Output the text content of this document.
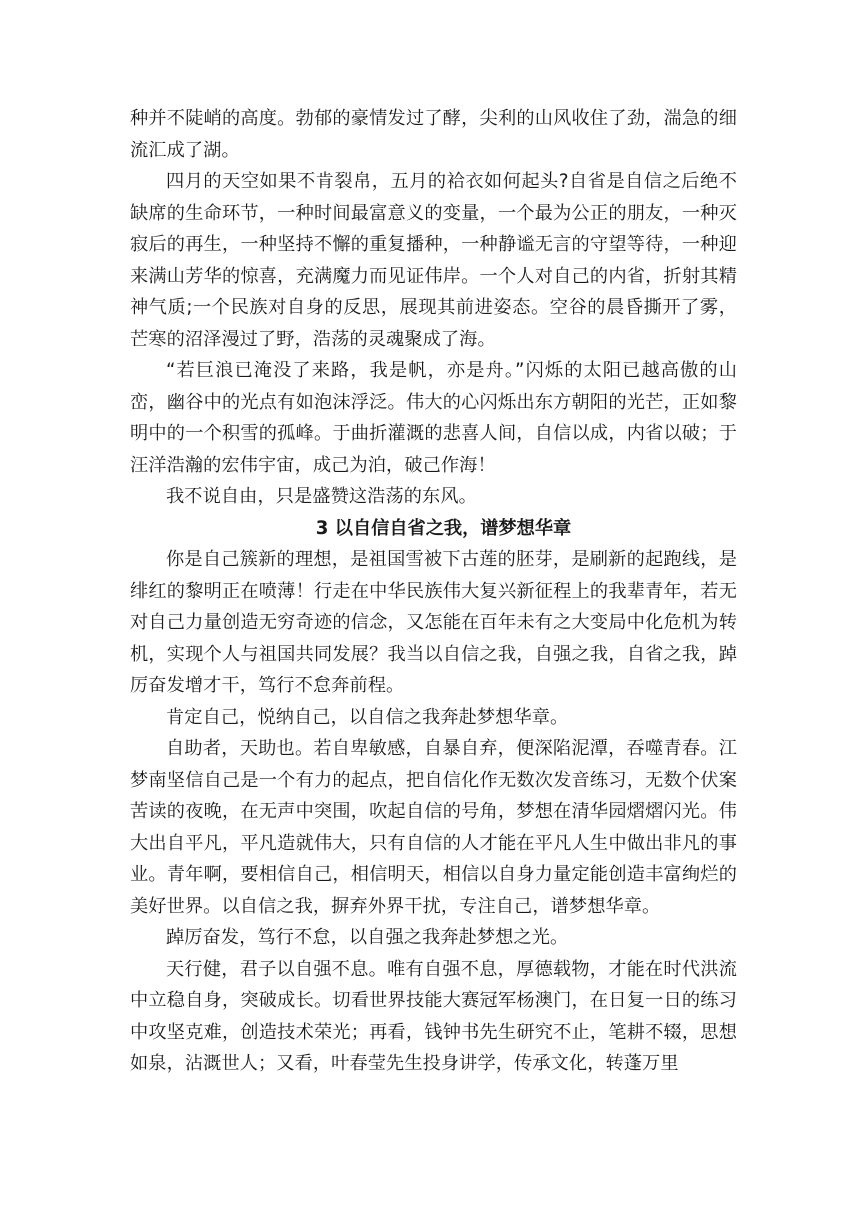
种并不陡峭的高度。勃郁的豪情发过了酵，尖利的山风收住了劲，湍急的细流汇成了湖。

四月的天空如果不肯裂帛，五月的袷衣如何起头?自省是自信之后绝不缺席的生命环节，一种时间最富意义的变量，一个最为公正的朋友，一种灭寂后的再生，一种坚持不懈的重复播种，一种静谧无言的守望等待，一种迎来满山芳华的惊喜，充满魔力而见证伟岸。一个人对自己的内省，折射其精神气质;一个民族对自身的反思，展现其前进姿态。空谷的晨昏撕开了雾，芒寒的沼泽漫过了野，浩荡的灵魂聚成了海。

“若巨浪已淹没了来路，我是帆，亦是舟。”闪烁的太阳已越高傲的山峦，幽谷中的光点有如泡沫浮泛。伟大的心闪烁出东方朝阳的光芒，正如黎明中的一个积雪的孤峰。于曲折灌溉的悲喜人间，自信以成，内省以破；于汪洋浩瀚的宏伟宇宙，成己为泊，破己作海！

我不说自由，只是盛赞这浩荡的东风。

3 以自信自省之我，谱梦想华章

你是自己簇新的理想，是祖国雪被下古莲的胚芽，是刷新的起跑线，是绯红的黎明正在喷薄！行走在中华民族伟大复兴新征程上的我辈青年，若无对自己力量创造无穷奇迹的信念，又怎能在百年未有之大变局中化危机为转机，实现个人与祖国共同发展？我当以自信之我，自强之我，自省之我，踔厉奋发增才干，笃行不怠奔前程。

肯定自己，悦纳自己，以自信之我奔赴梦想华章。

自助者，天助也。若自卑敏感，自暴自弃，便深陷泥潭，吞噬青春。江梦南坚信自己是一个有力的起点，把自信化作无数次发音练习，无数个伏案苦读的夜晚，在无声中突围，吹起自信的号角，梦想在清华园熠熠闪光。伟大出自平凡，平凡造就伟大，只有自信的人才能在平凡人生中做出非凡的事业。青年啊，要相信自己，相信明天，相信以自身力量定能创造丰富绚烂的美好世界。以自信之我，摒弃外界干扰，专注自己，谱梦想华章。

踔厉奋发，笃行不怠，以自强之我奔赴梦想之光。

天行健，君子以自强不息。唯有自强不息，厚德载物，才能在时代洪流中立稳自身，突破成长。切看世界技能大赛冠军杨澳门，在日复一日的练习中攻坚克难，创造技术荣光；再看，钱钟书先生研究不止，笔耕不辍，思想如泉，沾溉世人；又看，叶春莹先生投身讲学，传承文化，转蓬万里
